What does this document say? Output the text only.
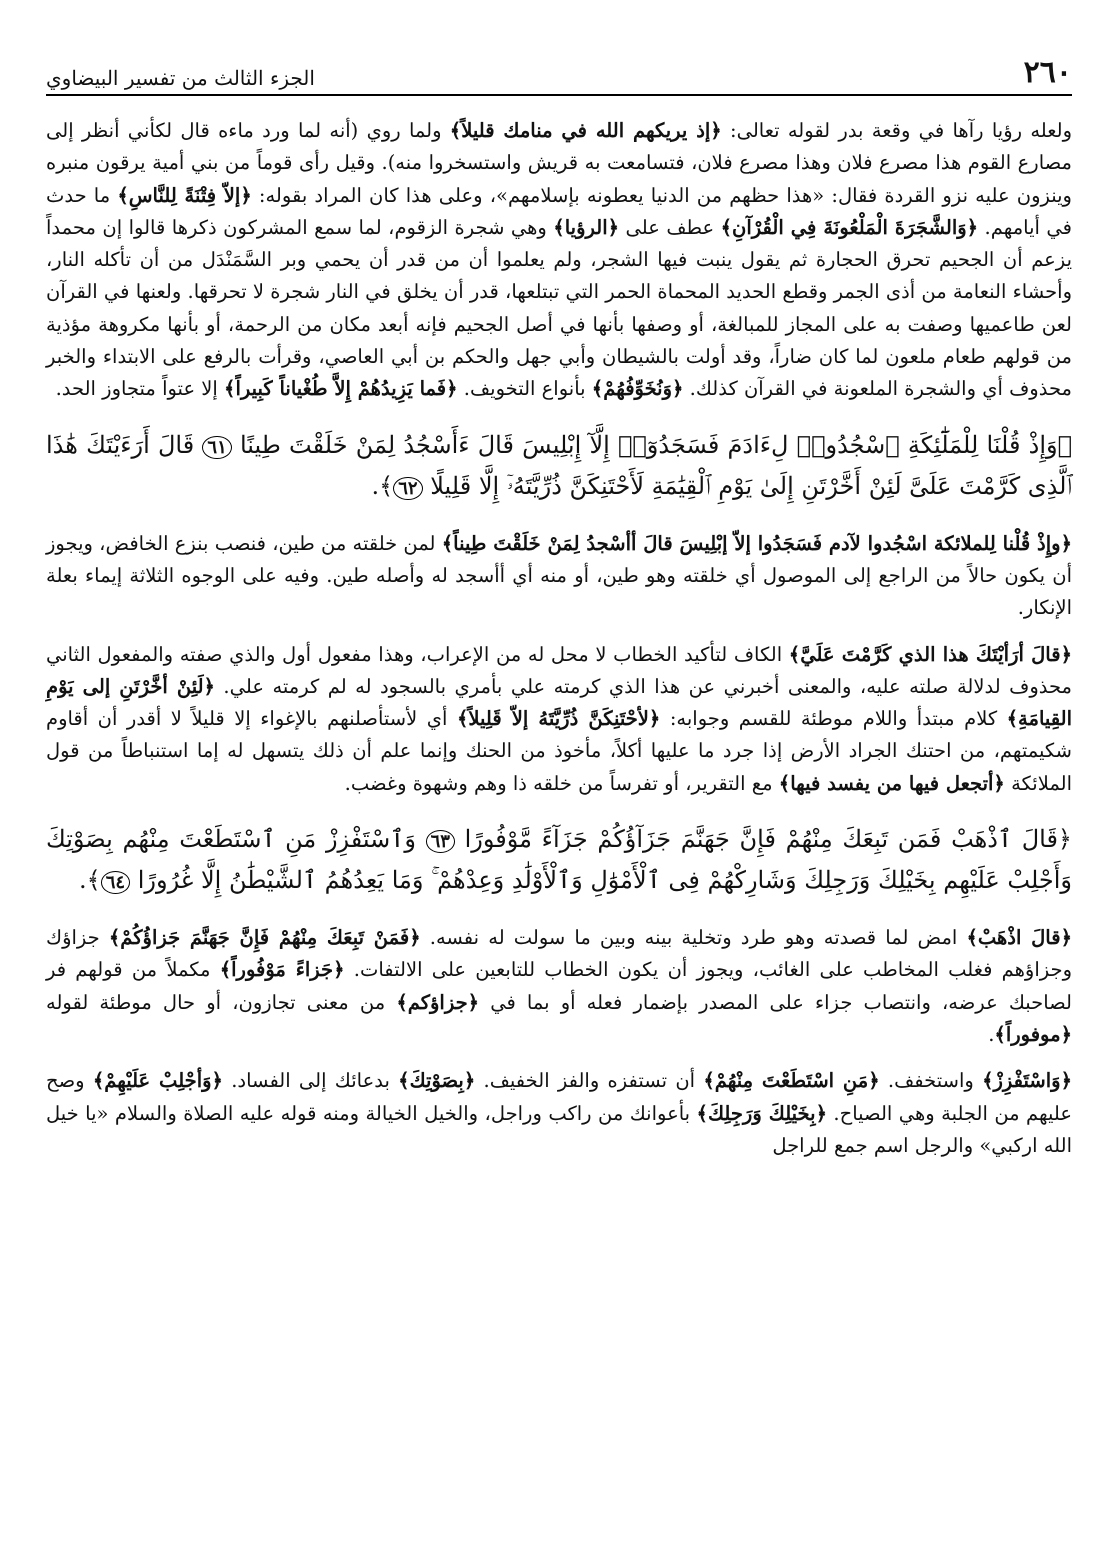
٢٦٠
الجزء الثالث من تفسير البيضاوي

ولعله رؤيا رآها في وقعة بدر لقوله تعالى: ﴿إذ يريكهم الله في منامك قليلاً﴾ ولما روي (أنه لما ورد ماءه قال لكأني أنظر إلى مصارع القوم هذا مصرع فلان وهذا مصرع فلان، فتسامعت به قريش واستسخروا منه). وقيل رأى قوماً من بني أمية يرقون منبره وينزون عليه نزو القردة فقال: «هذا حظهم من الدنيا يعطونه بإسلامهم»، وعلى هذا كان المراد بقوله: ﴿إلاّ فِتْنَةً لِلنَّاسِ﴾ ما حدث في أيامهم. ﴿وَالشَّجَرَةَ الْمَلْعُونَةَ فِي الْقُرْآنِ﴾ عطف على ﴿الرؤيا﴾ وهي شجرة الزقوم، لما سمع المشركون ذكرها قالوا إن محمداً يزعم أن الجحيم تحرق الحجارة ثم يقول ينبت فيها الشجر، ولم يعلموا أن من قدر أن يحمي وبر السَّمَنْدَل من أن تأكله النار، وأحشاء النعامة من أذى الجمر وقطع الحديد المحماة الحمر التي تبتلعها، قدر أن يخلق في النار شجرة لا تحرقها. ولعنها في القرآن لعن طاعميها وصفت به على المجاز للمبالغة، أو وصفها بأنها في أصل الجحيم فإنه أبعد مكان من الرحمة، أو بأنها مكروهة مؤذية من قولهم طعام ملعون لما كان ضاراً، وقد أولت بالشيطان وأبي جهل والحكم بن أبي العاصي، وقرأت بالرفع على الابتداء والخبر محذوف أي والشجرة الملعونة في القرآن كذلك. ﴿وَنُخَوِّفُهُمْ﴾ بأنواع التخويف. ﴿فَما يَزِيدُهُمْ إِلاَّ طُغْياناً كَبِيراً﴾ إلا عتواً متجاوز الحد.

﴿وَإِذْ قُلْنَا لِلْمَلَٰٓئِكَةِ ٱسْجُدُوا۟ لِءَادَمَ فَسَجَدُوٓا۟ إِلَّآ إِبْلِيسَ قَالَ ءَأَسْجُدُ لِمَنْ خَلَقْتَ طِينًا ٦١ قَالَ أَرَءَيْتَكَ هَٰذَا ٱلَّذِى كَرَّمْتَ عَلَىَّ لَئِنْ أَخَّرْتَنِ إِلَىٰ يَوْمِ ٱلْقِيَٰمَةِ لَأَحْتَنِكَنَّ ذُرِّيَّتَهُۥٓ إِلَّا قَلِيلًا ٦٢﴾.

﴿وإِذْ قُلْنا لِلملائكة اسْجُدوا لآدم فَسَجَدُوا إلاّ إبْلِيسَ قالَ أأسْجدُ لِمَنْ خَلَقْتَ طِيناً﴾ لمن خلقته من طين، فنصب بنزع الخافض، ويجوز أن يكون حالاً من الراجع إلى الموصول أي خلقته وهو طين، أو منه أي أأسجد له وأصله طين. وفيه على الوجوه الثلاثة إيماء بعلة الإنكار.

﴿قالَ أرَأيْتَكَ هذا الذي كَرَّمْتَ عَلَيَّ﴾ الكاف لتأكيد الخطاب لا محل له من الإعراب، وهذا مفعول أول والذي صفته والمفعول الثاني محذوف لدلالة صلته عليه، والمعنى أخبرني عن هذا الذي كرمته علي بأمري بالسجود له لم كرمته علي. ﴿لَئِنْ أخَّرْتَنِ إلى يَوْمِ القِيامَةِ﴾ كلام مبتدأ واللام موطئة للقسم وجوابه: ﴿لأحْتَنِكَنَّ ذُرِّيَّتَهُ إلاّ قَلِيلاً﴾ أي لأستأصلنهم بالإغواء إلا قليلاً لا أقدر أن أقاوم شكيمتهم، من احتنك الجراد الأرض إذا جرد ما عليها أكلاً، مأخوذ من الحنك وإنما علم أن ذلك يتسهل له إما استنباطاً من قول الملائكة ﴿أتجعل فيها من يفسد فيها﴾ مع التقرير، أو تفرساً من خلقه ذا وهم وشهوة وغضب.

﴿قَالَ ٱذْهَبْ فَمَن تَبِعَكَ مِنْهُمْ فَإِنَّ جَهَنَّمَ جَزَآؤُكُمْ جَزَآءً مَّوْفُورًا ٦٣ وَٱسْتَفْزِزْ مَنِ ٱسْتَطَعْتَ مِنْهُم بِصَوْتِكَ وَأَجْلِبْ عَلَيْهِم بِخَيْلِكَ وَرَجِلِكَ وَشَارِكْهُمْ فِى ٱلْأَمْوَٰلِ وَٱلْأَوْلَٰدِ وَعِدْهُمْ ۚ وَمَا يَعِدُهُمُ ٱلشَّيْطَٰنُ إِلَّا غُرُورًا ٦٤﴾.

﴿قالَ اذْهَبْ﴾ امض لما قصدته وهو طرد وتخلية بينه وبين ما سولت له نفسه. ﴿فَمَنْ تَبِعَكَ مِنْهُمْ فَإِنَّ جَهَنَّمَ جَزاؤُكُمْ﴾ جزاؤك وجزاؤهم فغلب المخاطب على الغائب، ويجوز أن يكون الخطاب للتابعين على الالتفات. ﴿جَزاءً مَوْفُوراً﴾ مكملاً من قولهم فر لصاحبك عرضه، وانتصاب جزاء على المصدر بإضمار فعله أو بما في ﴿جزاؤكم﴾ من معنى تجازون، أو حال موطئة لقوله ﴿موفوراً﴾.

﴿وَاسْتَفْزِزْ﴾ واستخفف. ﴿مَنِ اسْتَطَعْتَ مِنْهُمْ﴾ أن تستفزه والفز الخفيف. ﴿بِصَوْتِكَ﴾ بدعائك إلى الفساد. ﴿وَأجْلِبْ عَلَيْهِمْ﴾ وصح عليهم من الجلبة وهي الصياح. ﴿بِخَيْلِكَ وَرَجِلِكَ﴾ بأعوانك من راكب وراجل، والخيل الخيالة ومنه قوله عليه الصلاة والسلام «يا خيل الله اركبي» والرجل اسم جمع للراجل
